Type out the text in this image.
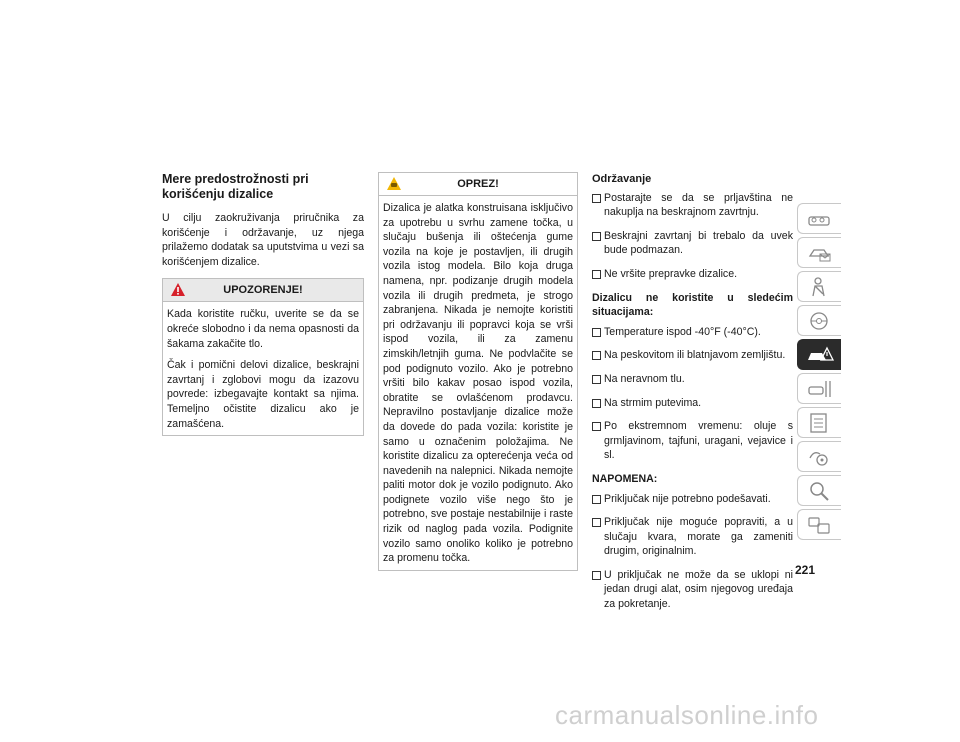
Mere predostrožnosti pri korišćenju dizalice

U cilju zaokruživanja priručnika za korišćenje i održavanje, uz njega prilažemo dodatak sa uputstvima u vezi sa korišćenjem dizalice.

UPOZORENJE!

Kada koristite ručku, uverite se da se okreće slobodno i da nema opasnosti da šakama zakačite tlo.

Čak i pomični delovi dizalice, beskrajni zavrtanj i zglobovi mogu da izazovu povrede: izbegavajte kontakt sa njima. Temeljno očistite dizalicu ako je zamašćena.

OPREZ!

Dizalica je alatka konstruisana isključivo za upotrebu u svrhu zamene točka, u slučaju bušenja ili oštećenja gume vozila na koje je postavljen, ili drugih vozila istog modela. Bilo koja druga namena, npr. podizanje drugih modela vozila ili drugih predmeta, je strogo zabranjena. Nikada je nemojte koristiti pri održavanju ili popravci koja se vrši ispod vozila, ili za zamenu zimskih/letnjih guma. Ne podvlačite se pod podignuto vozilo. Ako je potrebno vršiti bilo kakav posao ispod vozila, obratite se ovlašćenom prodavcu. Nepravilno postavljanje dizalice može da dovede do pada vozila: koristite je samo u označenim položajima. Ne koristite dizalicu za opterećenja veća od navedenih na nalepnici. Nikada nemojte paliti motor dok je vozilo podignuto. Ako podignete vozilo više nego što je potrebno, sve postaje nestabilnije i raste rizik od naglog pada vozila. Podignite vozilo samo onoliko koliko je potrebno za promenu točka.

Održavanje
Postarajte se da se prljavština ne nakuplja na beskrajnom zavrtnju.
Beskrajni zavrtanj bi trebalo da uvek bude podmazan.
Ne vršite prepravke dizalice.

Dizalicu ne koristite u sledećim situacijama:

Temperature ispod -40°F (-40°C).
Na peskovitom ili blatnjavom zemljištu.
Na neravnom tlu.
Na strmim putevima.
Po ekstremnom vremenu: oluje s grmljavinom, tajfuni, uragani, vejavice i sl.

NAPOMENA:

Priključak nije potrebno podešavati.
Priključak nije moguće popraviti, a u slučaju kvara, morate ga zameniti drugim, originalnim.
U priključak ne može da se uklopi ni jedan drugi alat, osim njegovog uređaja za pokretanje.
221
carmanualsonline.info
